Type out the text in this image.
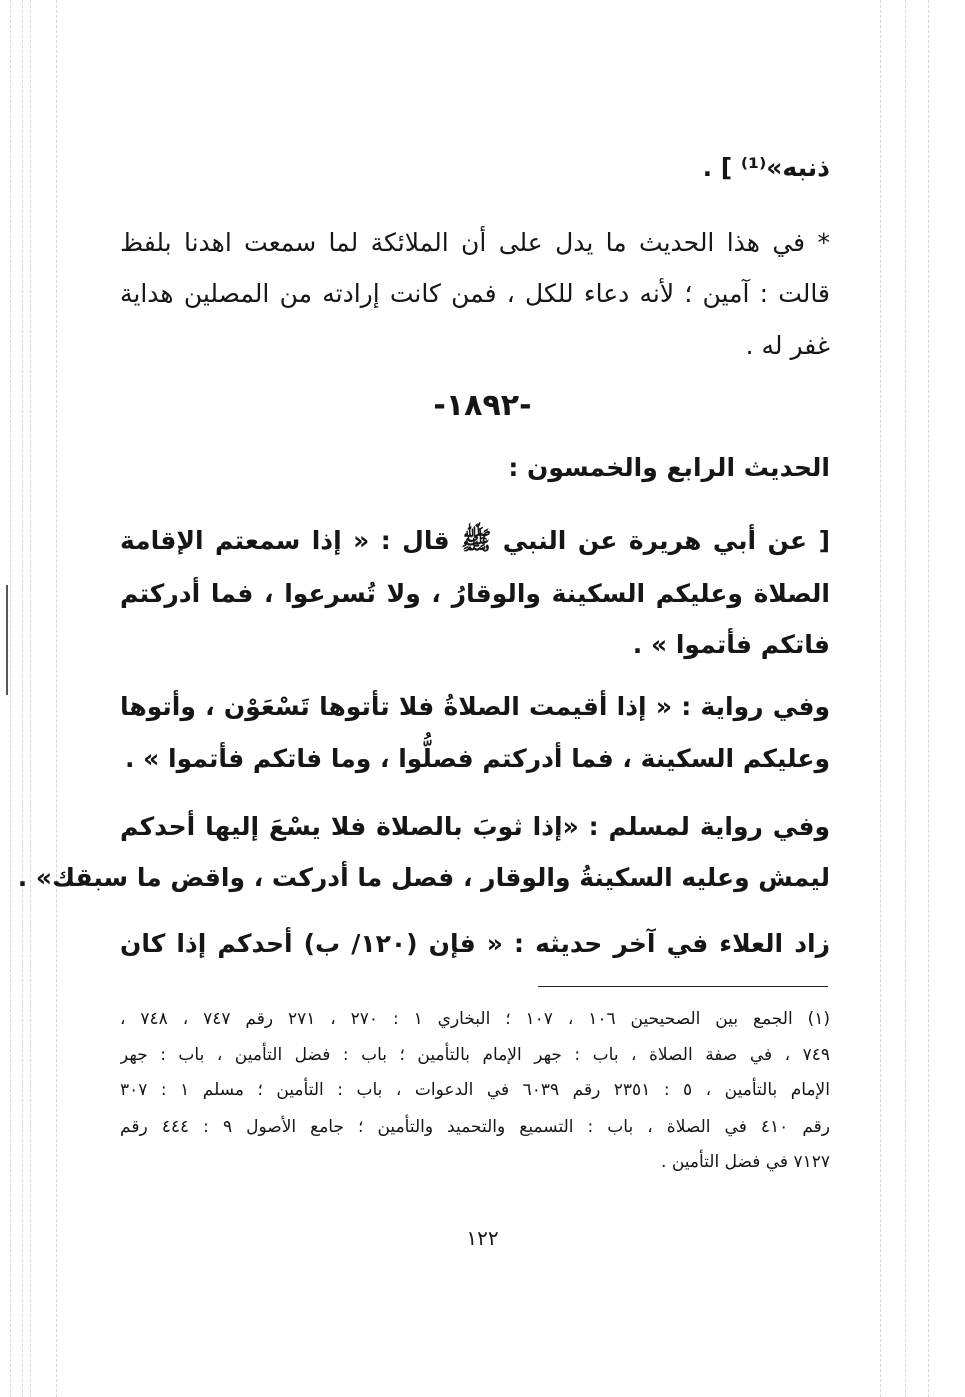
ذنبه»⁽¹⁾ ] .
* في هذا الحديث ما يدل على أن الملائكة لما سمعت اهدنا بلفظ
قالت : آمين ؛ لأنه دعاء للكل ، فمن كانت إرادته من المصلين هداية
غفر له .
-١٨٩٢-
الحديث الرابع والخمسون :
[ عن أبي هريرة عن النبي ﷺ قال : « إذا سمعتم الإقامة
الصلاة وعليكم السكينة والوقارُ ، ولا تُسرعوا ، فما أدركتم
فاتكم فأتموا » .
وفي رواية : « إذا أقيمت الصلاةُ فلا تأتوها تَسْعَوْن ، وأتوها
وعليكم السكينة ، فما أدركتم فصلُّوا ، وما فاتكم فأتموا » .
وفي رواية لمسلم : «إذا ثوبَ بالصلاة فلا يسْعَ إليها أحدكم
ليمش وعليه السكينةُ والوقار ، فصل ما أدركت ، واقض ما سبقك» .
زاد العلاء في آخر حديثه : « فإن (١٢٠/ ب) أحدكم إذا كان
(١) الجمع بين الصحيحين ١٠٦ ، ١٠٧ ؛ البخاري ١ : ٢٧٠ ، ٢٧١ رقم ٧٤٧ ، ٧٤٨ ،
٧٤٩ ، في صفة الصلاة ، باب : جهر الإمام بالتأمين ؛ باب : فضل التأمين ، باب : جهر
الإمام بالتأمين ، ٥ : ٢٣٥١ رقم ٦٠٣٩ في الدعوات ، باب : التأمين ؛ مسلم ١ : ٣٠٧
رقم ٤١٠ في الصلاة ، باب : التسميع والتحميد والتأمين ؛ جامع الأصول ٩ : ٤٤٤ رقم
٧١٢٧ في فضل التأمين .
١٢٢
